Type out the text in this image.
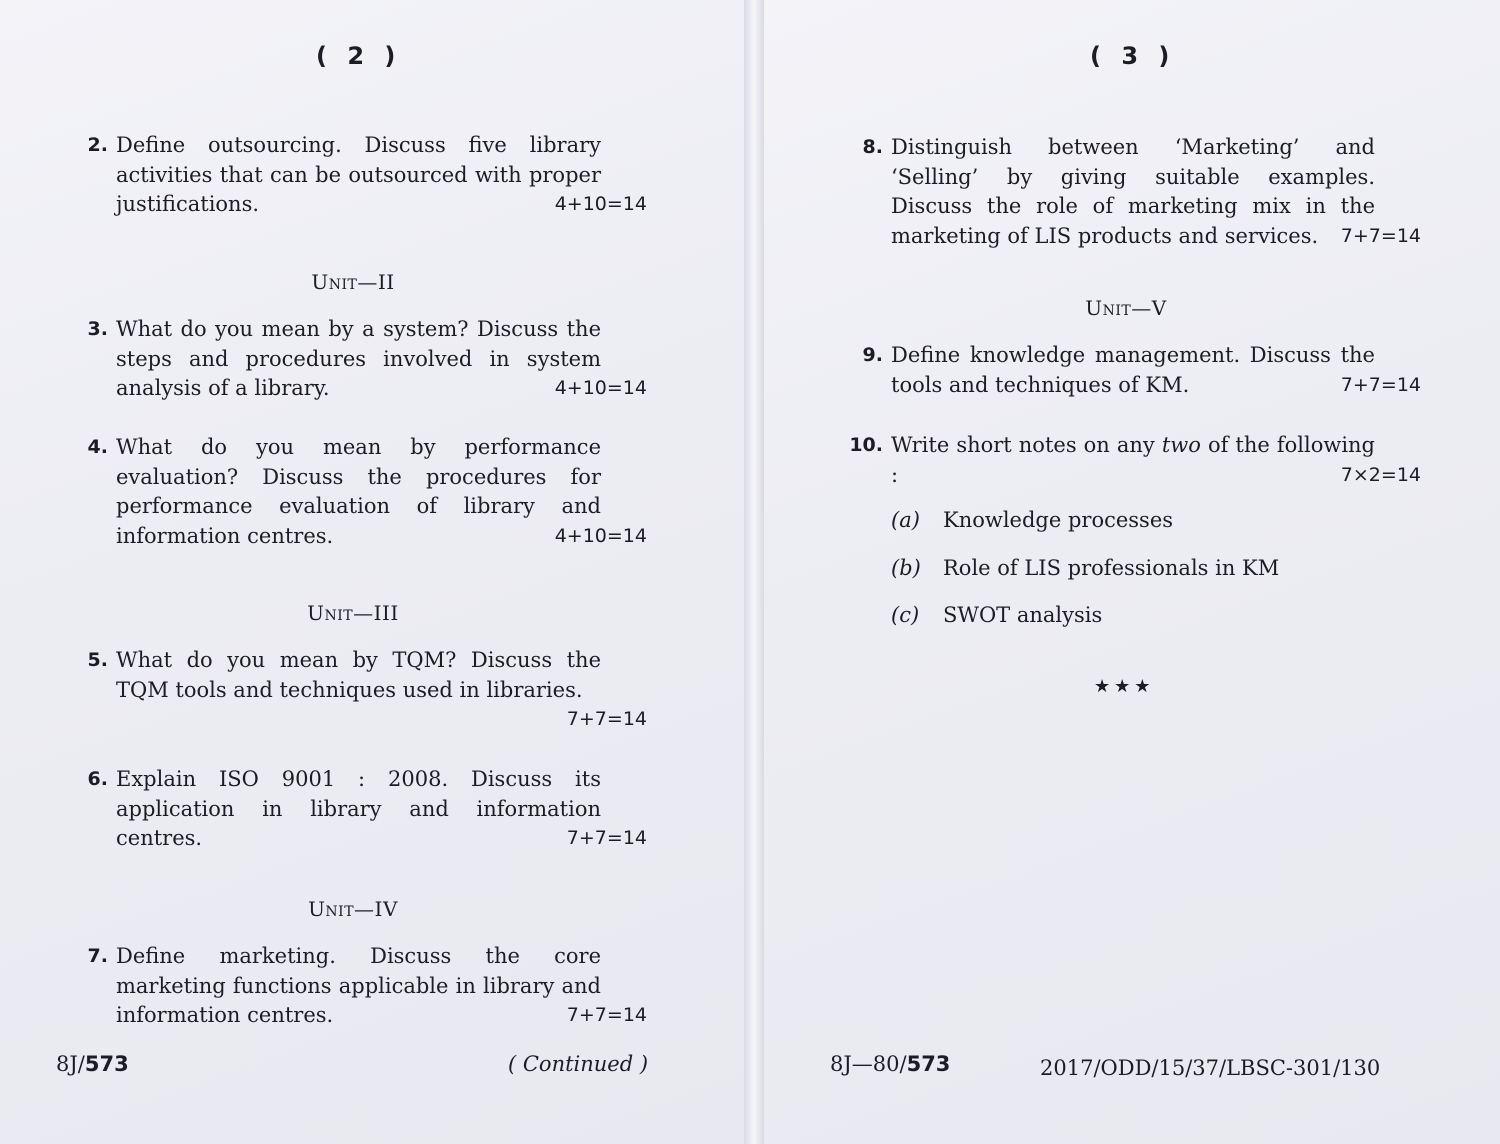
( 2 )
2. Define outsourcing. Discuss five library activities that can be outsourced with proper justifications.	4+10=14
Unit—II
3. What do you mean by a system? Discuss the steps and procedures involved in system analysis of a library.	4+10=14
4. What do you mean by performance evaluation? Discuss the procedures for performance evaluation of library and information centres.	4+10=14
Unit—III
5. What do you mean by TQM? Discuss the TQM tools and techniques used in libraries.
7+7=14
6. Explain ISO 9001 : 2008. Discuss its application in library and information centres.	7+7=14
Unit—IV
7. Define marketing. Discuss the core marketing functions applicable in library and information centres.	7+7=14
8J/573	( Continued )
( 3 )
8. Distinguish between ‘Marketing’ and ‘Selling’ by giving suitable examples. Discuss the role of marketing mix in the marketing of LIS products and services.	7+7=14
Unit—V
9. Define knowledge management. Discuss the tools and techniques of KM.	7+7=14
10. Write short notes on any two of the following :	7×2=14
(a) Knowledge processes
(b) Role of LIS professionals in KM
(c) SWOT analysis
★★★
8J—80/573	2017/ODD/15/37/LBSC-301/130
